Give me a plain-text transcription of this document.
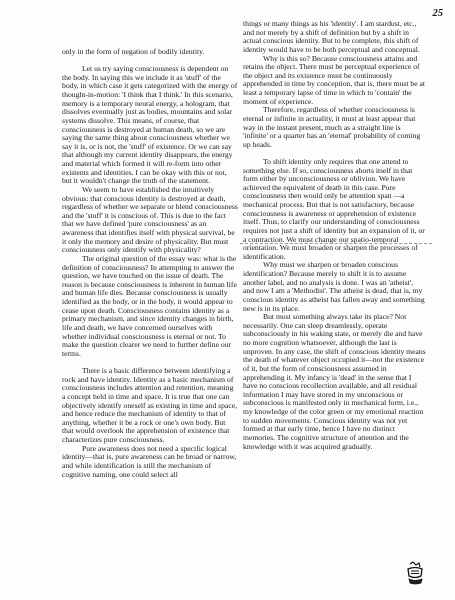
25

only in the form of negation of bodily identity.

Let us try saying consciousness is dependent on the body. In saying this we include it as 'stuff' of the body, in which case it gets categorized with the energy of thought-in-motion: 'I think that I think.' In this scenario, memory is a temporary neural energy, a hologram, that dissolves eventually just as bodies, mountains and solar systems dissolve. This means, of course, that consciousness is destroyed at human death, so we are saying the same thing about consciousness whether we say it is, or is not, the 'stuff' of existence. Or we can say that although my current identity disappears, the energy and material which formed it will re-form into other existents and identities. I can be okay with this or not, but it wouldn't change the truth of the statement.

We seem to have established the intuitively obvious: that conscious identity is destroyed at death, regardless of whether we separate or blend consciousness and the 'stuff' it is conscious of. This is due to the fact that we have defined 'pure consciousness' as an awareness that identifies itself with physical survival, be it only the memory and desire of physicality. But must consciousness only identify with physicality?

The original question of the essay was: what is the definition of consciousness? In attempting to answer the question, we have touched on the issue of death. The reason is because consciousness is inherent in human life and human life dies. Because consciousness is usually identified as the body, or in the body, it would appear to cease upon death. Consciousness contains identity as a primary mechanism, and since identity changes in birth, life and death, we have concerned ourselves with whether individual consciousness is eternal or not. To make the question clearer we need to further define our terms.

There is a basic difference between identifying a rock and have identity. Identity as a basic mechanism of consciousness includes attention and retention, meaning a concept held in time and space. It is true that one can objectively identify oneself as existing in time and space, and hence reduce the mechanism of identity to that of anything, whether it be a rock or one's own body. But that would overlook the apprehension of existence that characterizes pure consciousness.

Pure awareness does not need a specific logical identity—that is, pure awareness can be broad or narrow, and while identification is still the mechanism of cognitive naming, one could select all

things or many things as his 'identity'. I am stardust, etc., and not merely by a shift of definition but by a shift in actual conscious identity. But to be complete, this shift of identity would have to be both perceptual and conceptual.

Why is this so? Because consciousness attains and retains the object. There must be perceptual experience of the object and its existence must be continuously apprehended in time by conception, that is, there must be at least a temporary lapse of time in which to 'contain' the moment of experience.

Therefore, regardless of whether consciousness is eternal or infinite in actuality, it must at least appear that way in the instant present, much as a straight line is 'infinite' or a quarter has an 'eternal' probability of coming up heads.

To shift identity only requires that one attend to something else. If so, consciousness aborts itself in that form either by unconsciousness or oblivion. We have achieved the equivalent of death in this case. Pure consciousness then would only be attention span —a mechanical process. But that is not satisfactory, because consciousness is awareness or apprehension of existence itself. Thus, to clarify our understanding of consciousness requires not just a shift of identity but an expansion of it, or a contraction. We must change our spatio-temporal orientation. We must broaden or sharpen the processes of identification.

Why must we sharpen or broaden conscious identification? Because merely to shift it is to assume another label, and no analysis is done. I was an 'atheist', and now I am a 'Methodist'. The atheist is dead, that is, my conscious identity as atheist has fallen away and something new is in its place.

But must something always take its place? Not necessarily. One can sleep dreamlessly, operate subconsciously in his waking state, or merely die and have no more cognition whatsoever, although the last is unproven. In any case, the shift of conscious identity means the death of whatever object occupied it—not the existence of it, but the form of consciousness assumed in apprehending it. My infancy is 'dead' in the sense that I have no conscious recollection available, and all residual information I may have stored in my unconscious or subconscious is manifested only in mechanical form, i.e., my knowledge of the color green or my emotional reaction to sudden movements. Conscious identity was not yet formed at that early time, hence I have no distinct memories. The cognitive structure of attention and the knowledge with it was acquired gradually.
